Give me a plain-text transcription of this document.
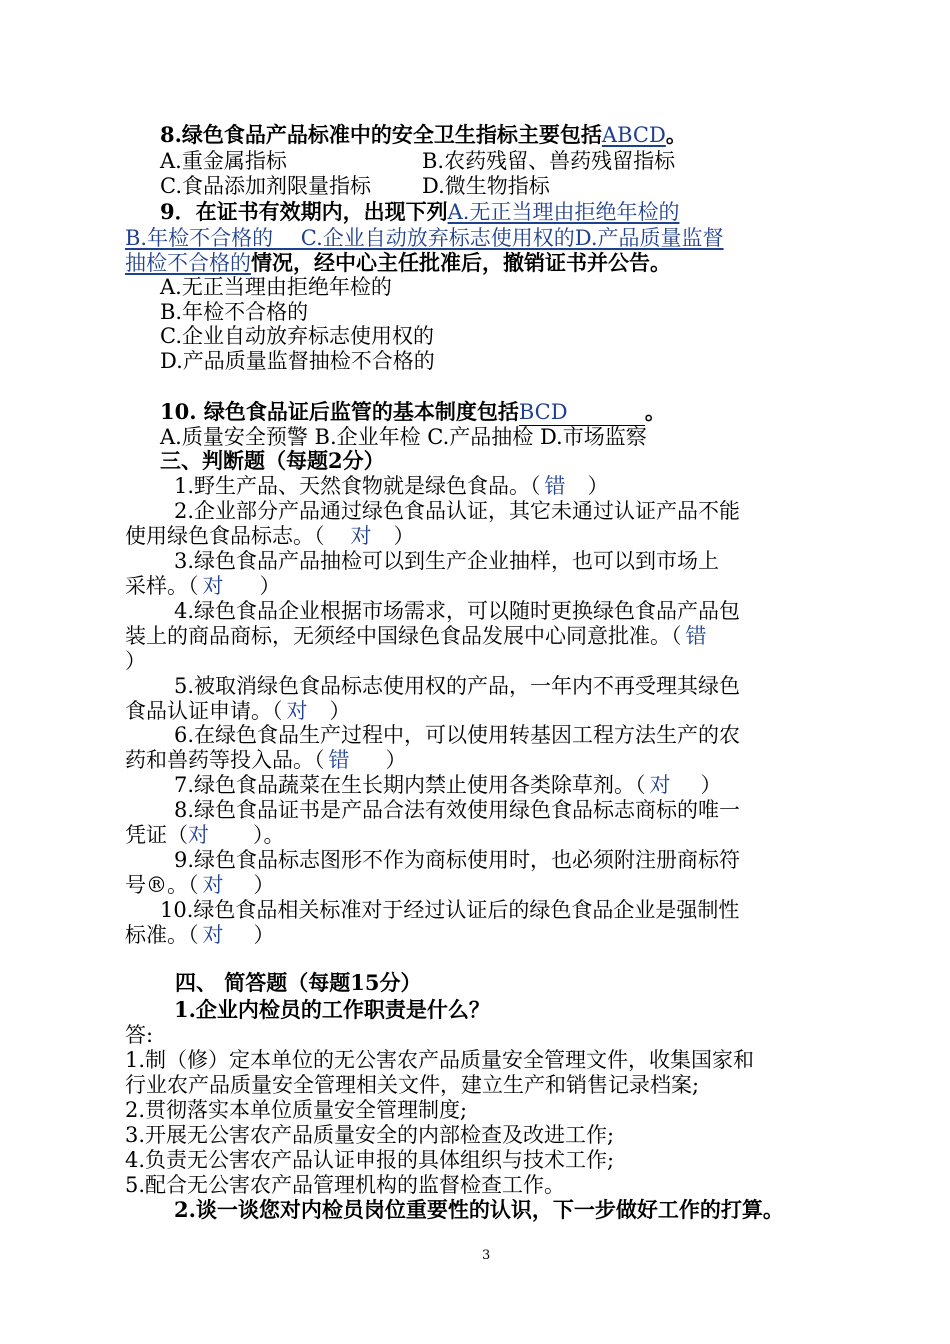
8.绿色食品产品标准中的安全卫生指标主要包括ABCD。
A.重金属指标	B.农药残留、兽药残留指标
C.食品添加剂限量指标 D.微生物指标
9．在证书有效期内，出现下列A.无正当理由拒绝年检的
B.年检不合格的　 C.企业自动放弃标志使用权的D.产品质量监督
抽检不合格的情况，经中心主任批准后，撤销证书并公告。
A.无正当理由拒绝年检的
B.年检不合格的
C.企业自动放弃标志使用权的
D.产品质量监督抽检不合格的
10. 绿色食品证后监管的基本制度包括BCD	。
A.质量安全预警 B.企业年检 C.产品抽检 D.市场监察
三、判断题（每题2分）
1.野生产品、天然食物就是绿色食品。（ 错 ）
2.企业部分产品通过绿色食品认证，其它未通过认证产品不能
使用绿色食品标志。（ 对 ）
3.绿色食品产品抽检可以到生产企业抽样，也可以到市场上
采样。（ 对 ）
4.绿色食品企业根据市场需求，可以随时更换绿色食品产品包
装上的商品商标，无须经中国绿色食品发展中心同意批准。（ 错
）
5.被取消绿色食品标志使用权的产品，一年内不再受理其绿色
食品认证申请。（ 对 ）
6.在绿色食品生产过程中，可以使用转基因工程方法生产的农
药和兽药等投入品。（ 错 ）
7.绿色食品蔬菜在生长期内禁止使用各类除草剂。（ 对 ）
8.绿色食品证书是产品合法有效使用绿色食品标志商标的唯一
凭证（对 ）。
9.绿色食品标志图形不作为商标使用时，也必须附注册商标符
号®。（ 对 ）
10.绿色食品相关标准对于经过认证后的绿色食品企业是强制性
标准。（ 对 ）
四、 简答题（每题15分）
1.企业内检员的工作职责是什么？
答:
1.制（修）定本单位的无公害农产品质量安全管理文件，收集国家和
行业农产品质量安全管理相关文件，建立生产和销售记录档案;
2.贯彻落实本单位质量安全管理制度;
3.开展无公害农产品质量安全的内部检查及改进工作;
4.负责无公害农产品认证申报的具体组织与技术工作;
5.配合无公害农产品管理机构的监督检查工作。
2.谈一谈您对内检员岗位重要性的认识，下一步做好工作的打算。
3
